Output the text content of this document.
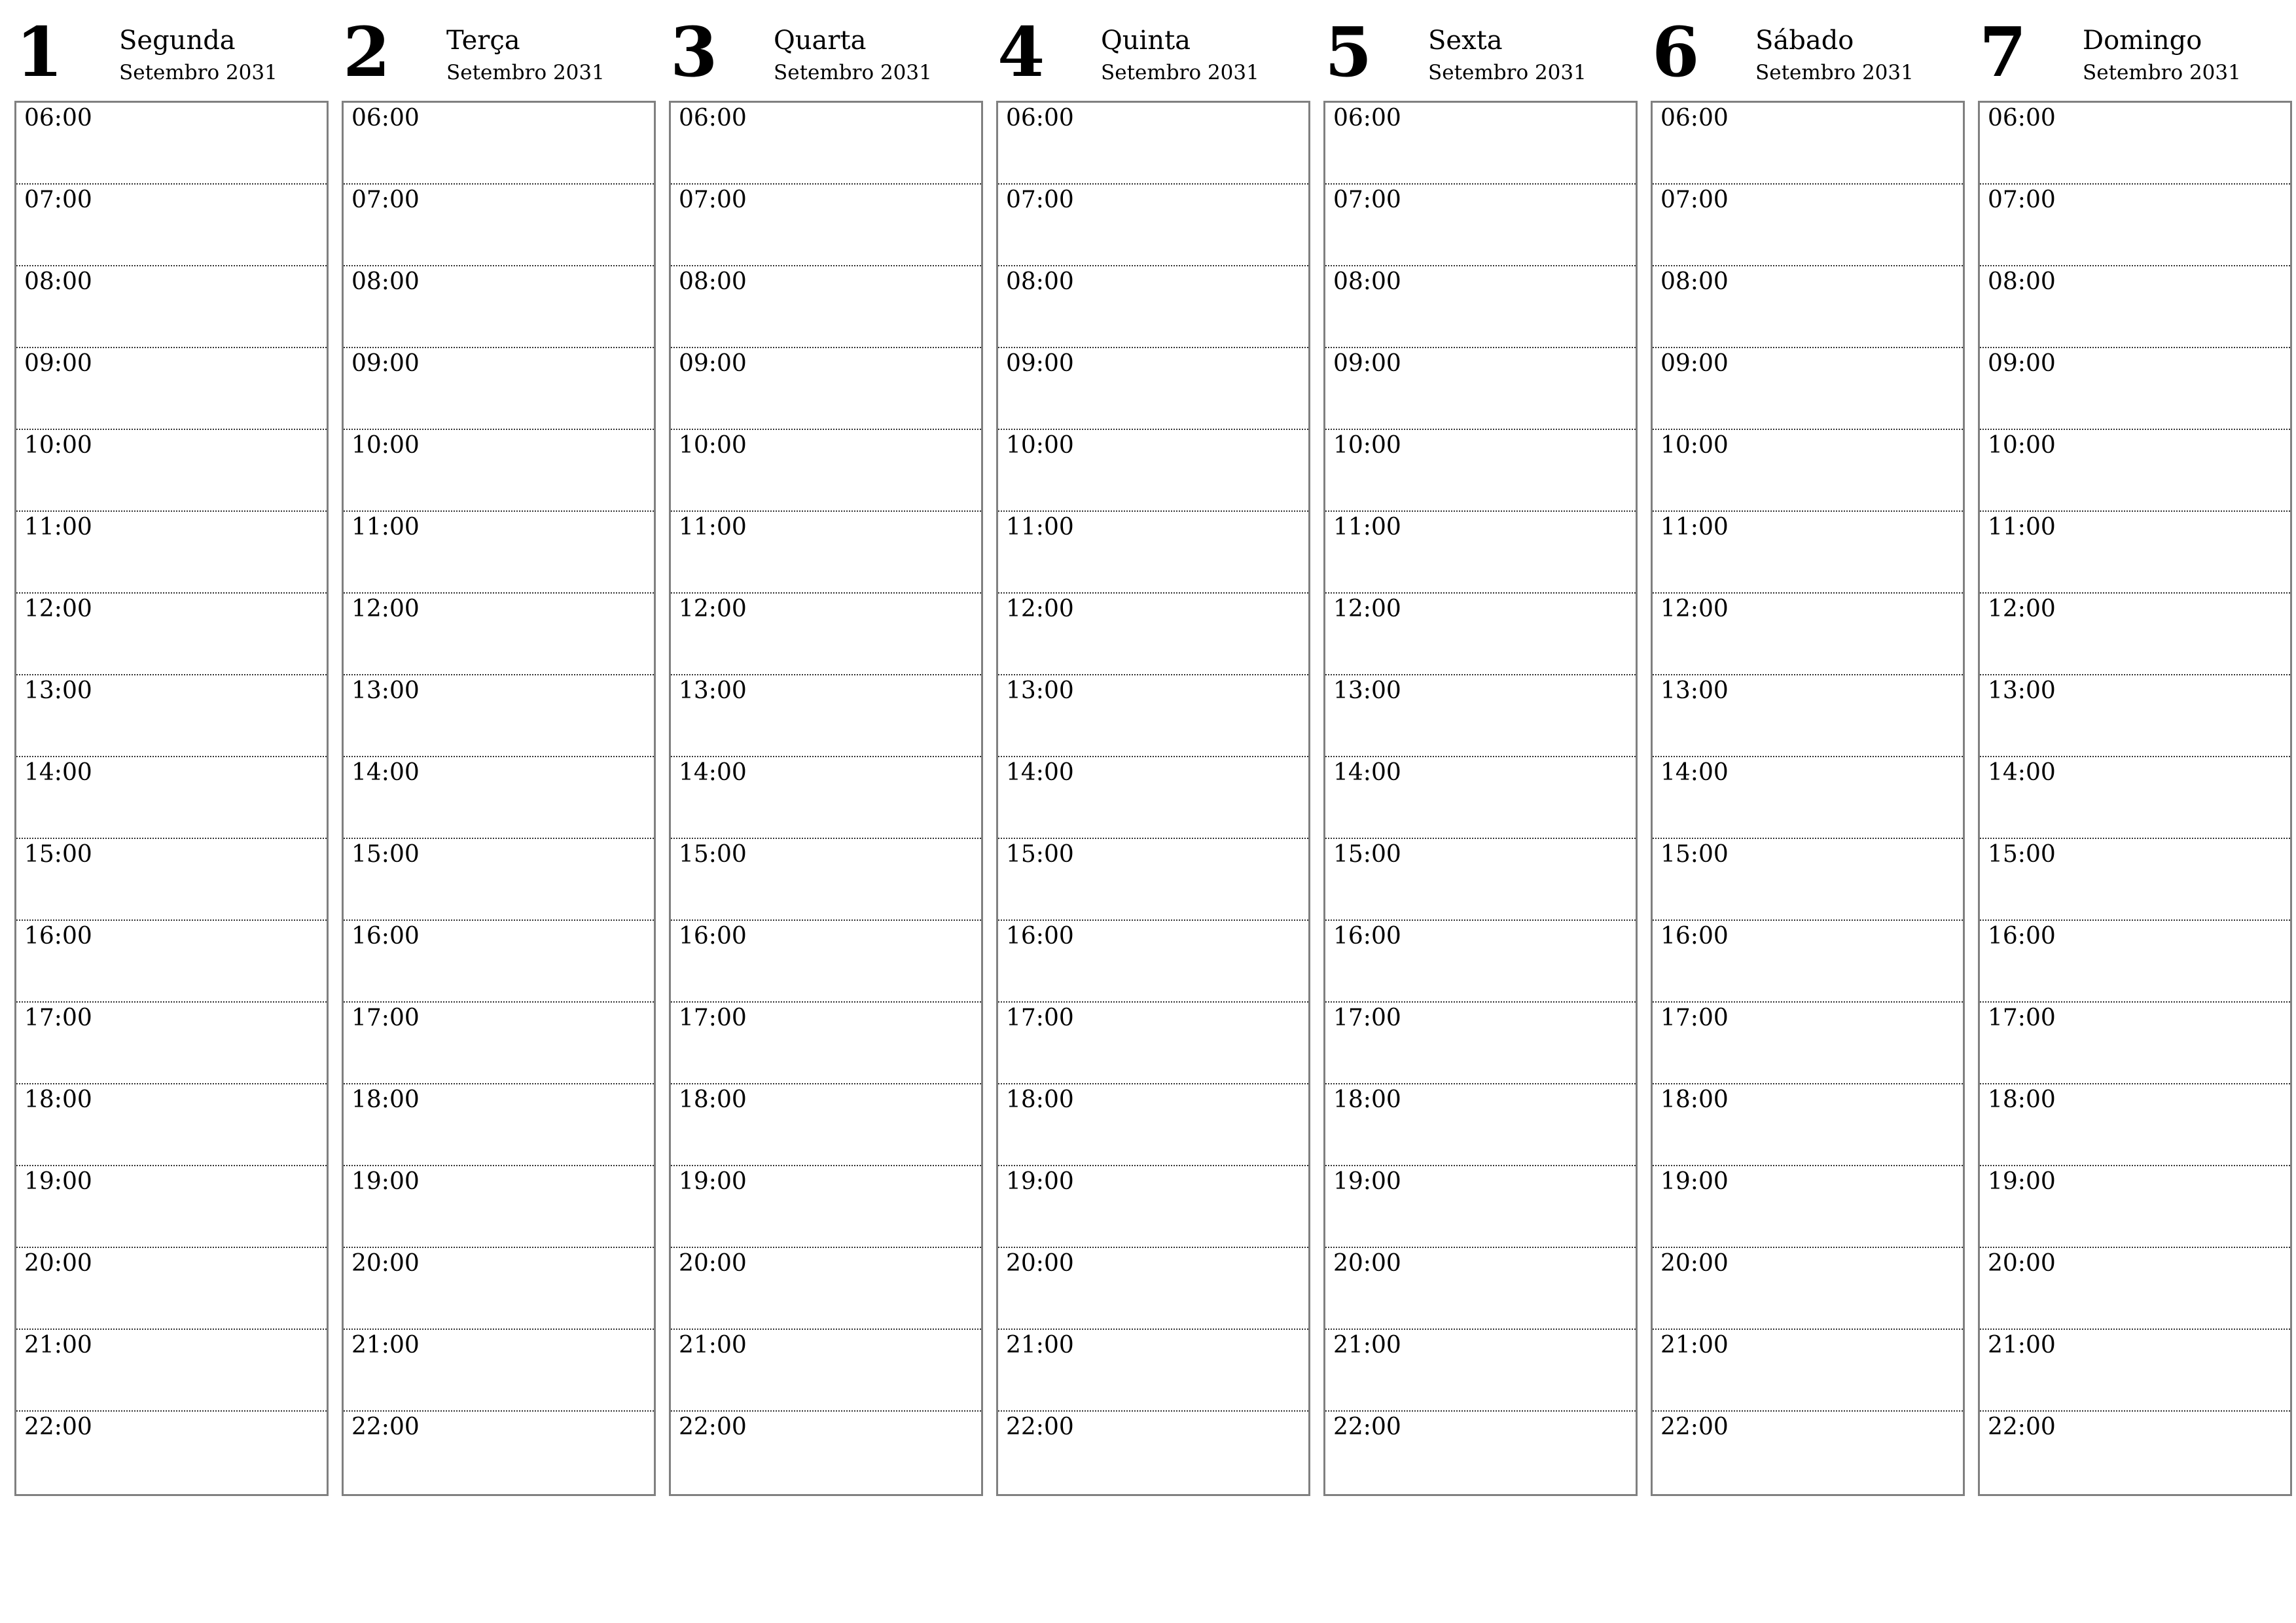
1 Segunda
Setembro 2031
06:00
07:00
08:00
09:00
10:00
11:00
12:00
13:00
14:00
15:00
16:00
17:00
18:00
19:00
20:00
21:00
22:00
2 Terça
Setembro 2031
06:00
07:00
08:00
09:00
10:00
11:00
12:00
13:00
14:00
15:00
16:00
17:00
18:00
19:00
20:00
21:00
22:00
3 Quarta
Setembro 2031
06:00
07:00
08:00
09:00
10:00
11:00
12:00
13:00
14:00
15:00
16:00
17:00
18:00
19:00
20:00
21:00
22:00
4 Quinta
Setembro 2031
06:00
07:00
08:00
09:00
10:00
11:00
12:00
13:00
14:00
15:00
16:00
17:00
18:00
19:00
20:00
21:00
22:00
5 Sexta
Setembro 2031
06:00
07:00
08:00
09:00
10:00
11:00
12:00
13:00
14:00
15:00
16:00
17:00
18:00
19:00
20:00
21:00
22:00
6 Sábado
Setembro 2031
06:00
07:00
08:00
09:00
10:00
11:00
12:00
13:00
14:00
15:00
16:00
17:00
18:00
19:00
20:00
21:00
22:00
7 Domingo
Setembro 2031
06:00
07:00
08:00
09:00
10:00
11:00
12:00
13:00
14:00
15:00
16:00
17:00
18:00
19:00
20:00
21:00
22:00
